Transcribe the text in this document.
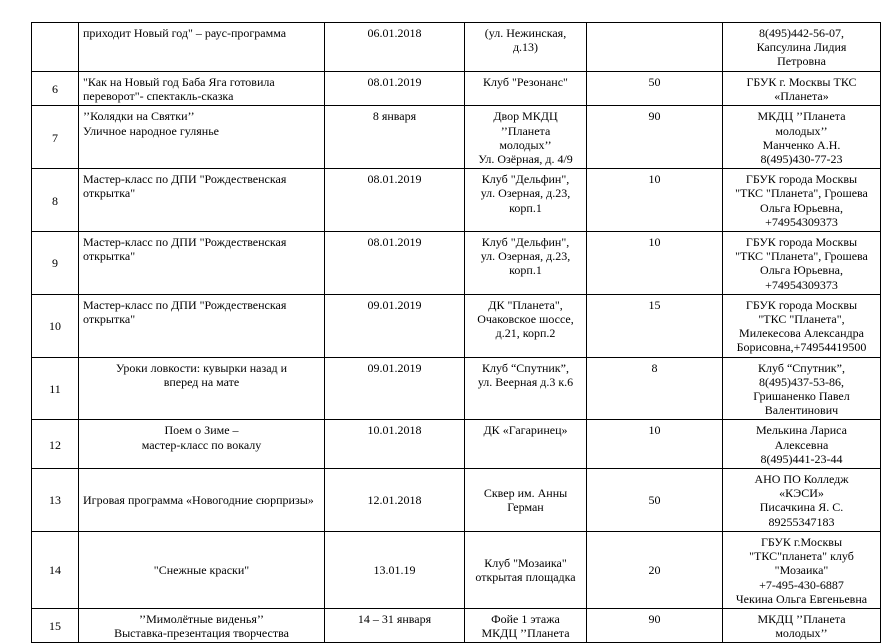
	приходит Новый год" – раус-программа	06.01.2018	(ул. Нежинская,
д.13)		8(495)442-56-07,
Капсулина Лидия
Петровна

6	"Как на Новый год Баба Яга готовила
переворот"- спектакль-сказка	08.01.2019	Клуб "Резонанс"	50	ГБУК г. Москвы ТКС
«Планета»

7	’’Колядки на Святки’’
Уличное народное гулянье	8 января	Двор МКДЦ
’’Планета
молодых’’
Ул. Озёрная, д. 4/9	90	МКДЦ ’’Планета
молодых’’
Манченко А.Н.
8(495)430-77-23

8	Мастер-класс по ДПИ "Рождественская
открытка"	08.01.2019	Клуб "Дельфин",
ул. Озерная, д.23,
корп.1	10	ГБУК города Москвы
"ТКС "Планета", Грошева
Ольга Юрьевна,
+74954309373

9	Мастер-класс по ДПИ "Рождественская
открытка"	08.01.2019	Клуб "Дельфин",
ул. Озерная, д.23,
корп.1	10	ГБУК города Москвы
"ТКС "Планета", Грошева
Ольга Юрьевна,
+74954309373

10	Мастер-класс по ДПИ "Рождественская
открытка"	09.01.2019	ДК "Планета",
Очаковское шоссе,
д.21, корп.2	15	ГБУК города Москвы
"ТКС "Планета",
Милекесова Александра
Борисовна,+74954419500

11	Уроки ловкости: кувырки назад и
вперед на мате	09.01.2019	Клуб “Спутник”,
ул. Веерная д.3 к.6	8	Клуб “Спутник”,
8(495)437-53-86,
Гришаненко Павел
Валентинович

12	Поем о Зиме –
мастер-класс по вокалу	10.01.2018	ДК «Гагаринец»	10	Мелькина Лариса
Алексевна
8(495)441-23-44

13	Игровая программа «Новогодние сюрпризы»	12.01.2018	Сквер им. Анны
Герман	50	АНО ПО Колледж
«КЭСИ»
Писачкина Я. С.
89255347183

14	"Снежные краски"	13.01.19	Клуб "Мозаика"
открытая площадка	20	ГБУК г.Москвы
"ТКС"планета" клуб
"Мозаика"
+7-495-430-6887
Чекина Ольга Евгеньевна

15	’’Мимолётные виденья’’
Выставка-презентация творчества	14 – 31 января	Фойе 1 этажа
МКДЦ ’’Планета	90	МКДЦ ’’Планета
молодых’’
